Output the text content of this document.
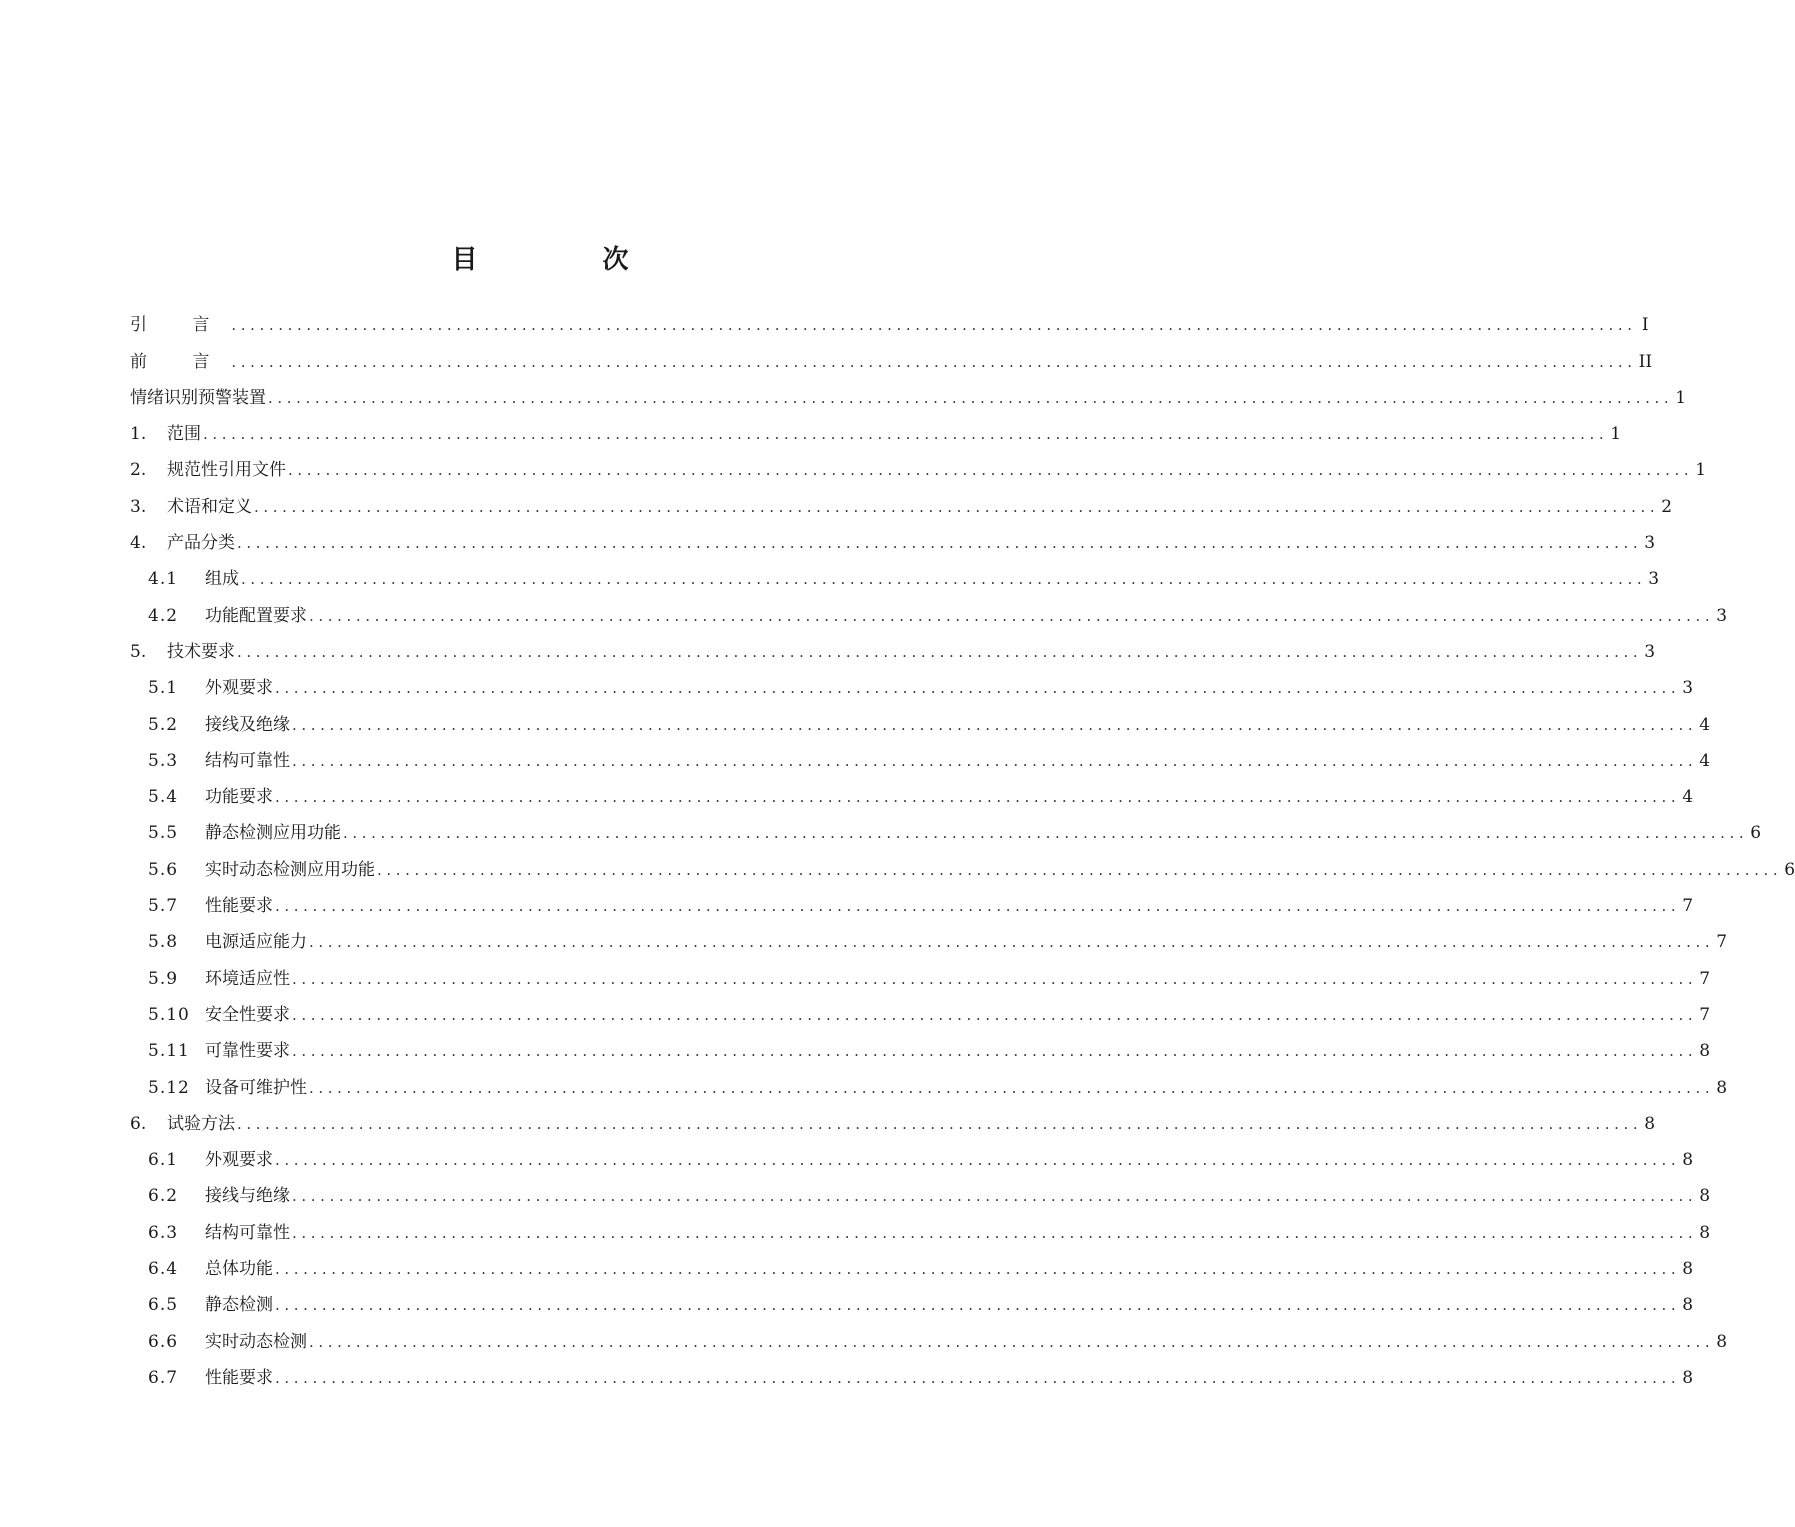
目 次
引 言 ...................................................................................................................................................... I
前 言 ...................................................................................................................................................... II
情绪识别预警装置 ...................................................................................................................................................... 1
1.	范围 ...................................................................................................................................................... 1
2.	规范性引用文件 ...................................................................................................................................................... 1
3.	术语和定义 ...................................................................................................................................................... 2
4.	产品分类 ...................................................................................................................................................... 3
4.1	组成 ...................................................................................................................................................... 3
4.2	功能配置要求 ...................................................................................................................................................... 3
5.	技术要求 ...................................................................................................................................................... 3
5.1	外观要求 ...................................................................................................................................................... 3
5.2	接线及绝缘 ...................................................................................................................................................... 4
5.3	结构可靠性 ...................................................................................................................................................... 4
5.4	功能要求 ...................................................................................................................................................... 4
5.5	静态检测应用功能 ...................................................................................................................................................... 6
5.6	实时动态检测应用功能 ...................................................................................................................................................... 6
5.7	性能要求 ...................................................................................................................................................... 7
5.8	电源适应能力 ...................................................................................................................................................... 7
5.9	环境适应性 ...................................................................................................................................................... 7
5.10 安全性要求 ...................................................................................................................................................... 7
5.11 可靠性要求 ...................................................................................................................................................... 8
5.12 设备可维护性 ...................................................................................................................................................... 8
6.	试验方法 ...................................................................................................................................................... 8
6.1	外观要求 ...................................................................................................................................................... 8
6.2	接线与绝缘 ...................................................................................................................................................... 8
6.3	结构可靠性 ...................................................................................................................................................... 8
6.4	总体功能 ...................................................................................................................................................... 8
6.5	静态检测 ...................................................................................................................................................... 8
6.6	实时动态检测 ...................................................................................................................................................... 8
6.7	性能要求 ...................................................................................................................................................... 8
